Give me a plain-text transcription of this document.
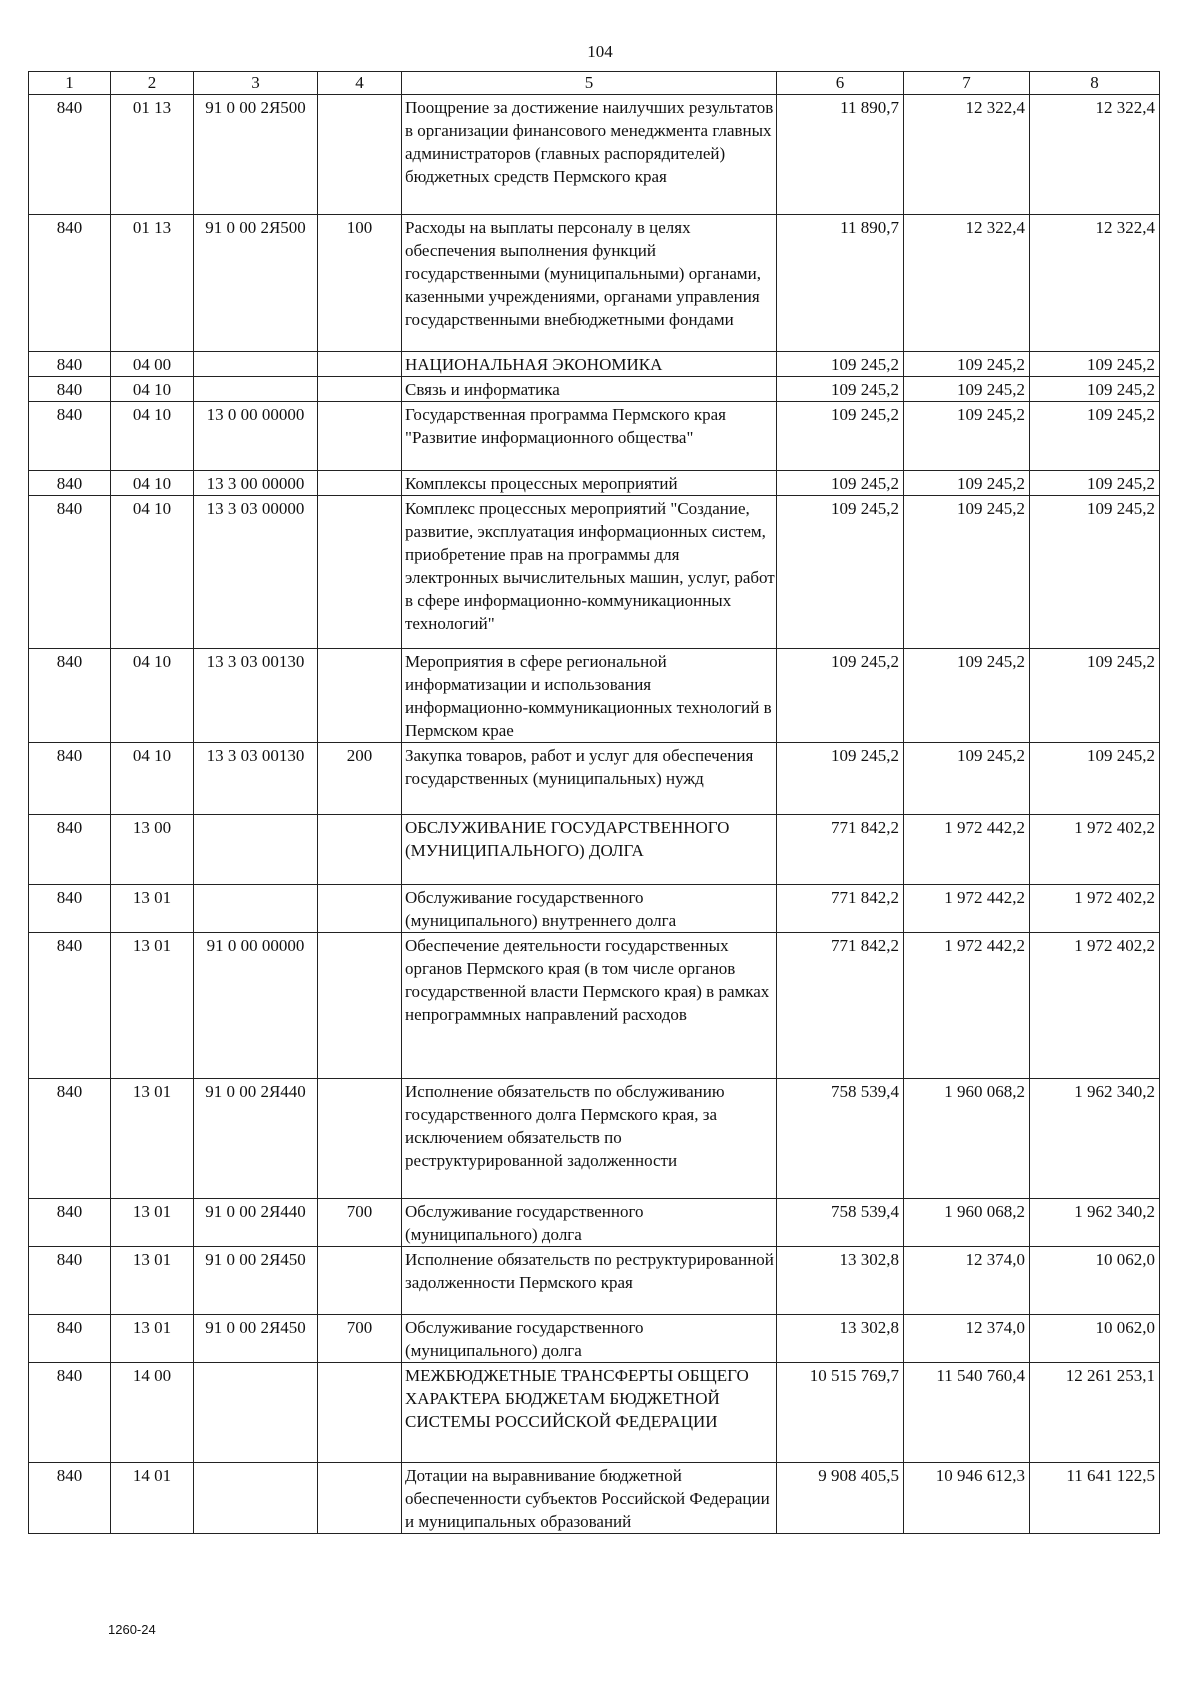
104
1	2	3	4	5	6	7	8
840	01 13	91 0 00 2Я500		Поощрение за достижение наилучших результатов в организации финансового менеджмента главных администраторов (главных распорядителей) бюджетных средств Пермского края	11 890,7	12 322,4	12 322,4
840	01 13	91 0 00 2Я500	100	Расходы на выплаты персоналу в целях обеспечения выполнения функций государственными (муниципальными) органами, казенными учреждениями, органами управления государственными внебюджетными фондами	11 890,7	12 322,4	12 322,4
840	04 00			НАЦИОНАЛЬНАЯ ЭКОНОМИКА	109 245,2	109 245,2	109 245,2
840	04 10			Связь и информатика	109 245,2	109 245,2	109 245,2
840	04 10	13 0 00 00000		Государственная программа Пермского края "Развитие информационного общества"	109 245,2	109 245,2	109 245,2
840	04 10	13 3 00 00000		Комплексы процессных мероприятий	109 245,2	109 245,2	109 245,2
840	04 10	13 3 03 00000		Комплекс процессных мероприятий "Создание, развитие, эксплуатация информационных систем, приобретение прав на программы для электронных вычислительных машин, услуг, работ в сфере информационно-коммуникационных технологий"	109 245,2	109 245,2	109 245,2
840	04 10	13 3 03 00130		Мероприятия в сфере региональной информатизации и использования информационно-коммуникационных технологий в Пермском крае	109 245,2	109 245,2	109 245,2
840	04 10	13 3 03 00130	200	Закупка товаров, работ и услуг для обеспечения государственных (муниципальных) нужд	109 245,2	109 245,2	109 245,2
840	13 00			ОБСЛУЖИВАНИЕ ГОСУДАРСТВЕННОГО (МУНИЦИПАЛЬНОГО) ДОЛГА	771 842,2	1 972 442,2	1 972 402,2
840	13 01			Обслуживание государственного (муниципального) внутреннего долга	771 842,2	1 972 442,2	1 972 402,2
840	13 01	91 0 00 00000		Обеспечение деятельности государственных органов Пермского края (в том числе органов государственной власти Пермского края) в рамках непрограммных направлений расходов	771 842,2	1 972 442,2	1 972 402,2
840	13 01	91 0 00 2Я440		Исполнение обязательств по обслуживанию государственного долга Пермского края, за исключением обязательств по реструктурированной задолженности	758 539,4	1 960 068,2	1 962 340,2
840	13 01	91 0 00 2Я440	700	Обслуживание государственного (муниципального) долга	758 539,4	1 960 068,2	1 962 340,2
840	13 01	91 0 00 2Я450		Исполнение обязательств по реструктурированной задолженности Пермского края	13 302,8	12 374,0	10 062,0
840	13 01	91 0 00 2Я450	700	Обслуживание государственного (муниципального) долга	13 302,8	12 374,0	10 062,0
840	14 00			МЕЖБЮДЖЕТНЫЕ ТРАНСФЕРТЫ ОБЩЕГО ХАРАКТЕРА БЮДЖЕТАМ БЮДЖЕТНОЙ СИСТЕМЫ РОССИЙСКОЙ ФЕДЕРАЦИИ	10 515 769,7	11 540 760,4	12 261 253,1
840	14 01			Дотации на выравнивание бюджетной обеспеченности субъектов Российской Федерации и муниципальных образований	9 908 405,5	10 946 612,3	11 641 122,5
1260-24
